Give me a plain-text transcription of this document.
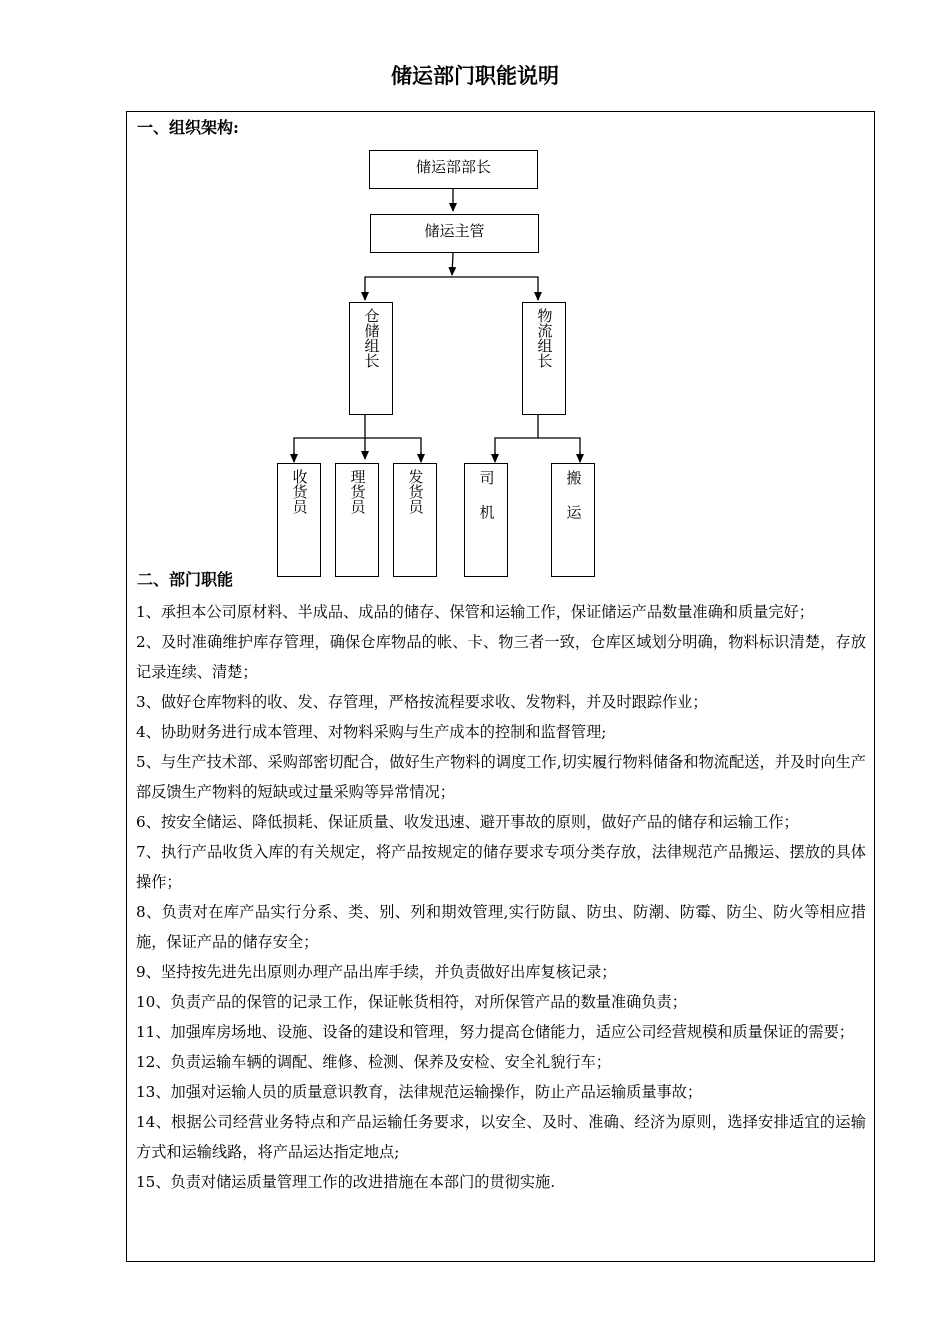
储运部门职能说明
一、组织架构:
储运部部长
储运主管
仓储组长	物流组长
收货员	理货员	发货员	司机	搬运
二、部门职能
1、承担本公司原材料、半成品、成品的储存、保管和运输工作，保证储运产品数量准确和质量完好；
2、及时准确维护库存管理，确保仓库物品的帐、卡、物三者一致，仓库区域划分明确，物料标识清楚，存放记录连续、清楚；
3、做好仓库物料的收、发、存管理，严格按流程要求收、发物料，并及时跟踪作业；
4、协助财务进行成本管理、对物料采购与生产成本的控制和监督管理;
5、与生产技术部、采购部密切配合，做好生产物料的调度工作,切实履行物料储备和物流配送，并及时向生产部反馈生产物料的短缺或过量采购等异常情况；
6、按安全储运、降低损耗、保证质量、收发迅速、避开事故的原则，做好产品的储存和运输工作；
7、执行产品收货入库的有关规定，将产品按规定的储存要求专项分类存放，法律规范产品搬运、摆放的具体操作；
8、负责对在库产品实行分系、类、别、列和期效管理,实行防鼠、防虫、防潮、防霉、防尘、防火等相应措施，保证产品的储存安全；
9、坚持按先进先出原则办理产品出库手续，并负责做好出库复核记录；
10、负责产品的保管的记录工作，保证帐货相符，对所保管产品的数量准确负责；
11、加强库房场地、设施、设备的建设和管理，努力提高仓储能力，适应公司经营规模和质量保证的需要；
12、负责运输车辆的调配、维修、检测、保养及安检、安全礼貌行车；
13、加强对运输人员的质量意识教育，法律规范运输操作，防止产品运输质量事故；
14、根据公司经营业务特点和产品运输任务要求，以安全、及时、准确、经济为原则，选择安排适宜的运输方式和运输线路，将产品运达指定地点;
15、负责对储运质量管理工作的改进措施在本部门的贯彻实施.
